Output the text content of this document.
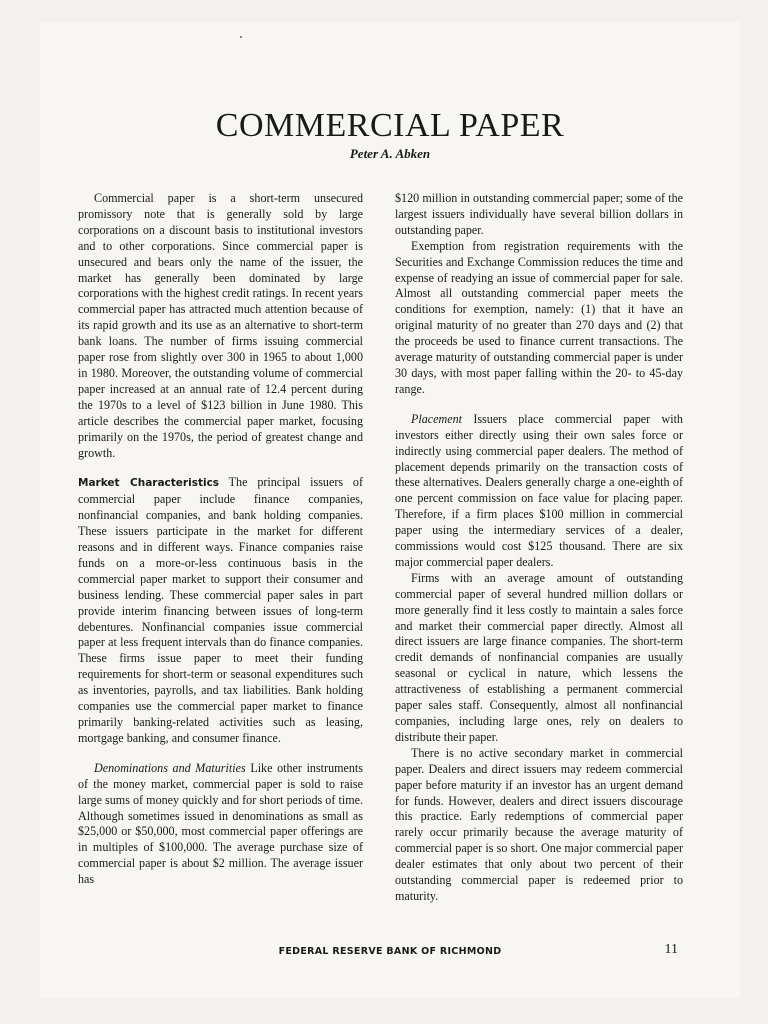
COMMERCIAL PAPER
Peter A. Abken

Commercial paper is a short-term unsecured promissory note that is generally sold by large corporations on a discount basis to institutional investors and to other corporations. Since commercial paper is unsecured and bears only the name of the issuer, the market has generally been dominated by large corporations with the highest credit ratings. In recent years commercial paper has attracted much attention because of its rapid growth and its use as an alternative to short-term bank loans. The number of firms issuing commercial paper rose from slightly over 300 in 1965 to about 1,000 in 1980. Moreover, the outstanding volume of commercial paper increased at an annual rate of 12.4 percent during the 1970s to a level of $123 billion in June 1980. This article describes the commercial paper market, focusing primarily on the 1970s, the period of greatest change and growth.

Market Characteristics The principal issuers of commercial paper include finance companies, nonfinancial companies, and bank holding companies. These issuers participate in the market for different reasons and in different ways. Finance companies raise funds on a more-or-less continuous basis in the commercial paper market to support their consumer and business lending. These commercial paper sales in part provide interim financing between issues of long-term debentures. Nonfinancial companies issue commercial paper at less frequent intervals than do finance companies. These firms issue paper to meet their funding requirements for short-term or seasonal expenditures such as inventories, payrolls, and tax liabilities. Bank holding companies use the commercial paper market to finance primarily banking-related activities such as leasing, mortgage banking, and consumer finance.

Denominations and Maturities Like other instruments of the money market, commercial paper is sold to raise large sums of money quickly and for short periods of time. Although sometimes issued in denominations as small as $25,000 or $50,000, most commercial paper offerings are in multiples of $100,000. The average purchase size of commercial paper is about $2 million. The average issuer has

$120 million in outstanding commercial paper; some of the largest issuers individually have several billion dollars in outstanding paper.

Exemption from registration requirements with the Securities and Exchange Commission reduces the time and expense of readying an issue of commercial paper for sale. Almost all outstanding commercial paper meets the conditions for exemption, namely: (1) that it have an original maturity of no greater than 270 days and (2) that the proceeds be used to finance current transactions. The average maturity of outstanding commercial paper is under 30 days, with most paper falling within the 20- to 45-day range.

Placement Issuers place commercial paper with investors either directly using their own sales force or indirectly using commercial paper dealers. The method of placement depends primarily on the transaction costs of these alternatives. Dealers generally charge a one-eighth of one percent commission on face value for placing paper. Therefore, if a firm places $100 million in commercial paper using the intermediary services of a dealer, commissions would cost $125 thousand. There are six major commercial paper dealers.

Firms with an average amount of outstanding commercial paper of several hundred million dollars or more generally find it less costly to maintain a sales force and market their commercial paper directly. Almost all direct issuers are large finance companies. The short-term credit demands of nonfinancial companies are usually seasonal or cyclical in nature, which lessens the attractiveness of establishing a permanent commercial paper sales staff. Consequently, almost all nonfinancial companies, including large ones, rely on dealers to distribute their paper.

There is no active secondary market in commercial paper. Dealers and direct issuers may redeem commercial paper before maturity if an investor has an urgent demand for funds. However, dealers and direct issuers discourage this practice. Early redemptions of commercial paper rarely occur primarily because the average maturity of commercial paper is so short. One major commercial paper dealer estimates that only about two percent of their outstanding commercial paper is redeemed prior to maturity.

FEDERAL RESERVE BANK OF RICHMOND	11
